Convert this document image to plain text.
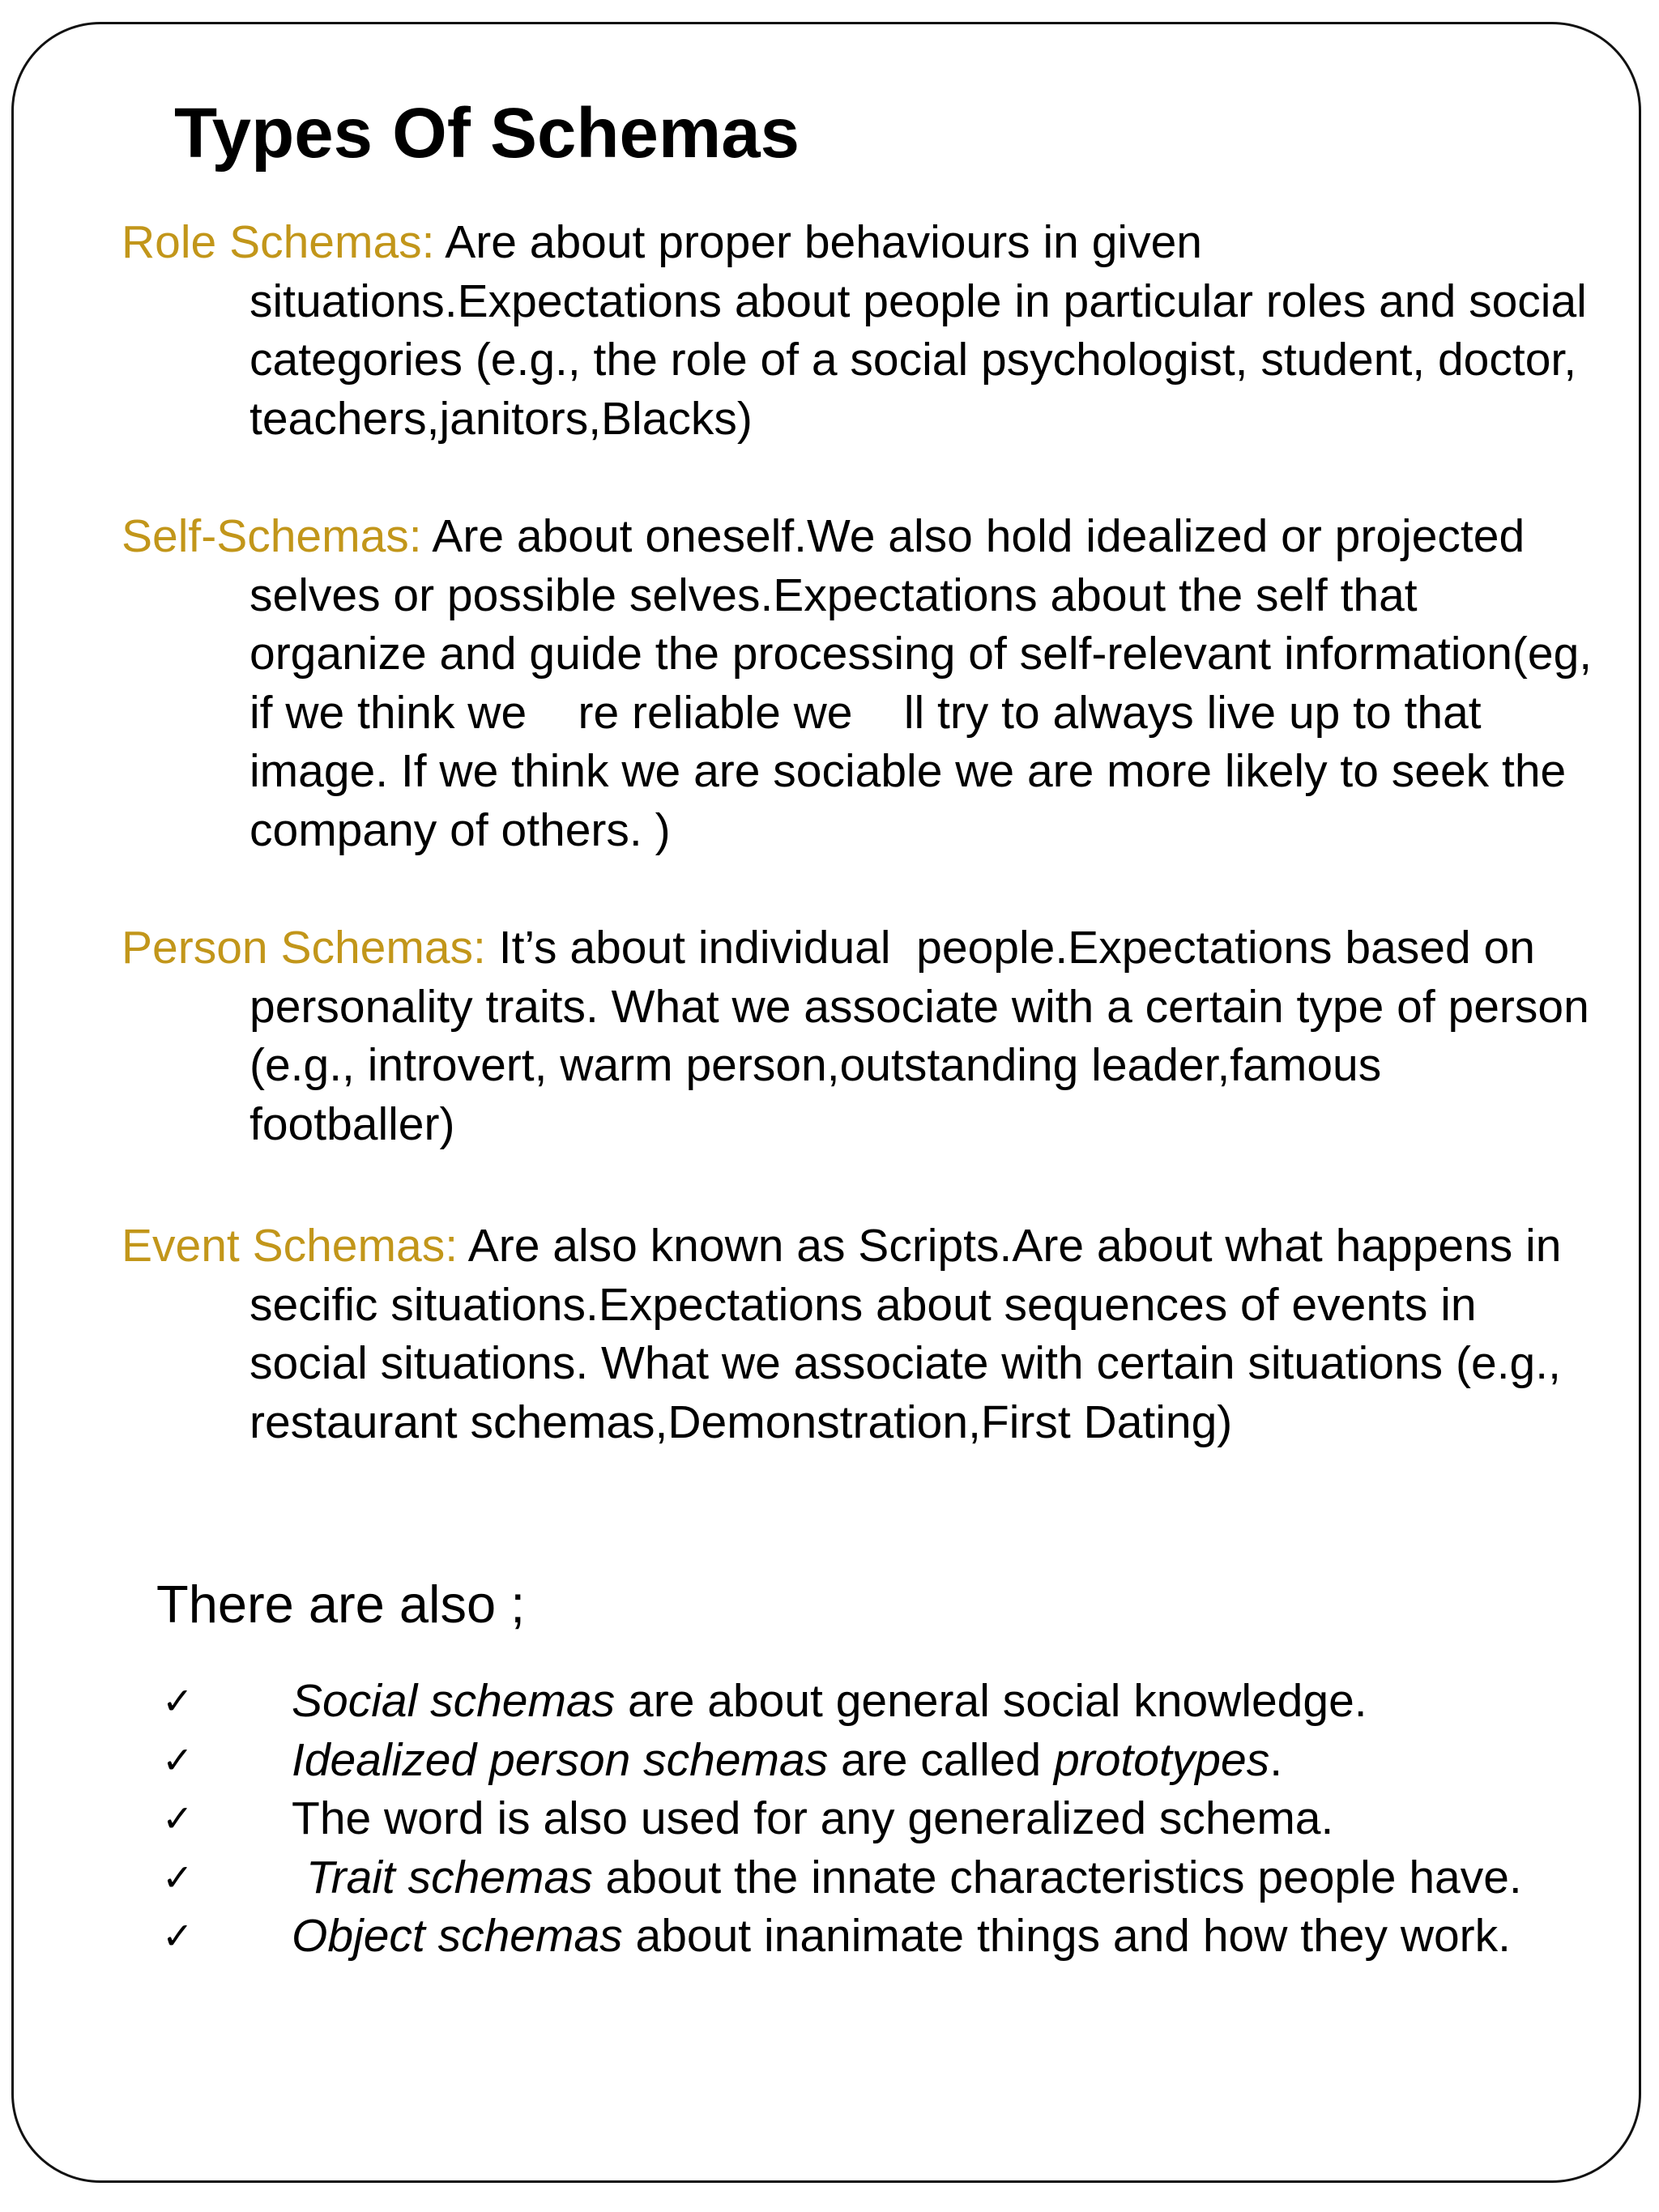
Types Of Schemas

Role Schemas: Are about proper behaviours in given situations.Expectations about people in particular roles and social categories (e.g., the role of a social psychologist, student, doctor, teachers,janitors,Blacks)

Self-Schemas: Are about oneself.We also hold idealized or projected selves or possible selves.Expectations about the self that organize and guide the processing of self-relevant information(eg, if we think we    re reliable we    ll try to always live up to that image. If we think we are sociable we are more likely to seek the company of others. )

Person Schemas: It’s about individual  people.Expectations based on personality traits. What we associate with a certain type of person (e.g., introvert, warm person,outstanding leader,famous footballer)

Event Schemas: Are also known as Scripts.Are about what happens in secific situations.Expectations about sequences of events in social situations. What we associate with certain situations (e.g., restaurant schemas,Demonstration,First Dating)

There are also ;

✓ Social schemas are about general social knowledge.
✓ Idealized person schemas are called prototypes.
✓ The word is also used for any generalized schema.
✓ Trait schemas about the innate characteristics people have.
✓ Object schemas about inanimate things and how they work.
